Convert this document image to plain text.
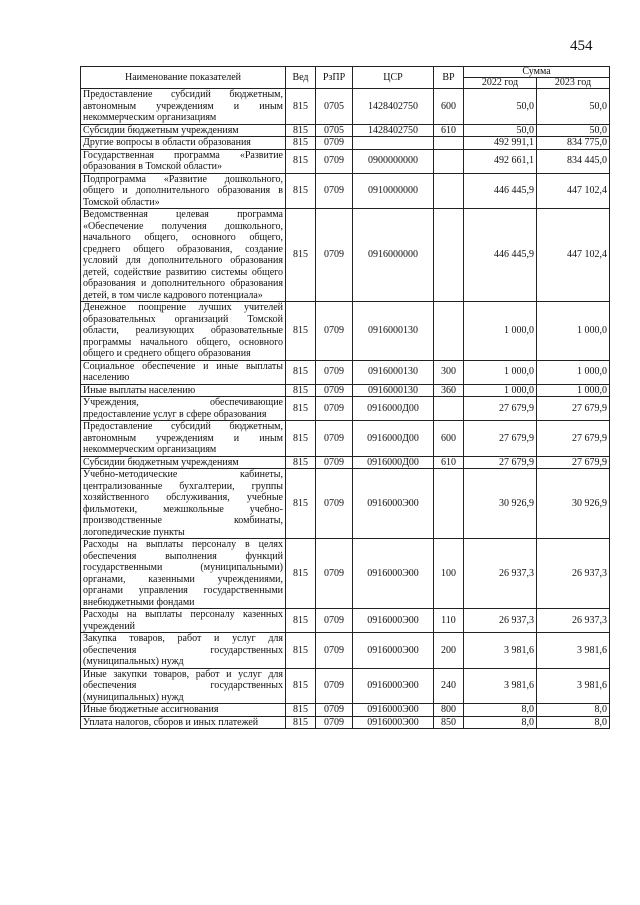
454
Наименование показателей	Вед	РзПР	ЦСР	ВР	Сумма	
					2022 год	2023 год
Предоставление субсидий бюджетным, автономным учреждениям и иным некоммерческим организациям	815	0705	1428402750	600	50,0	50,0
Субсидии бюджетным учреждениям	815	0705	1428402750	610	50,0	50,0
Другие вопросы в области образования	815	0709			492 991,1	834 775,0
Государственная программа «Развитие образования в Томской области»	815	0709	0900000000		492 661,1	834 445,0
Подпрограмма «Развитие дошкольного, общего и дополнительного образования в Томской области»	815	0709	0910000000		446 445,9	447 102,4
Ведомственная целевая программа «Обеспечение получения дошкольного, начального общего, основного общего, среднего общего образования, создание условий для дополнительного образования детей, содействие развитию системы общего образования и дополнительного образования детей, в том числе кадрового потенциала»	815	0709	0916000000		446 445,9	447 102,4
Денежное поощрение лучших учителей образовательных организаций Томской области, реализующих образовательные программы начального общего, основного общего и среднего общего образования	815	0709	0916000130		1 000,0	1 000,0
Социальное обеспечение и иные выплаты населению	815	0709	0916000130	300	1 000,0	1 000,0
Иные выплаты населению	815	0709	0916000130	360	1 000,0	1 000,0
Учреждения, обеспечивающие предоставление услуг в сфере образования	815	0709	0916000Д00		27 679,9	27 679,9
Предоставление субсидий бюджетным, автономным учреждениям и иным некоммерческим организациям	815	0709	0916000Д00	600	27 679,9	27 679,9
Субсидии бюджетным учреждениям	815	0709	0916000Д00	610	27 679,9	27 679,9
Учебно-методические кабинеты, централизованные бухгалтерии, группы хозяйственного обслуживания, учебные фильмотеки, межшкольные учебно-производственные комбинаты, логопедические пункты	815	0709	0916000Э00		30 926,9	30 926,9
Расходы на выплаты персоналу в целях обеспечения выполнения функций государственными (муниципальными) органами, казенными учреждениями, органами управления государственными внебюджетными фондами	815	0709	0916000Э00	100	26 937,3	26 937,3
Расходы на выплаты персоналу казенных учреждений	815	0709	0916000Э00	110	26 937,3	26 937,3
Закупка товаров, работ и услуг для обеспечения государственных (муниципальных) нужд	815	0709	0916000Э00	200	3 981,6	3 981,6
Иные закупки товаров, работ и услуг для обеспечения государственных (муниципальных) нужд	815	0709	0916000Э00	240	3 981,6	3 981,6
Иные бюджетные ассигнования	815	0709	0916000Э00	800	8,0	8,0
Уплата налогов, сборов и иных платежей	815	0709	0916000Э00	850	8,0	8,0
